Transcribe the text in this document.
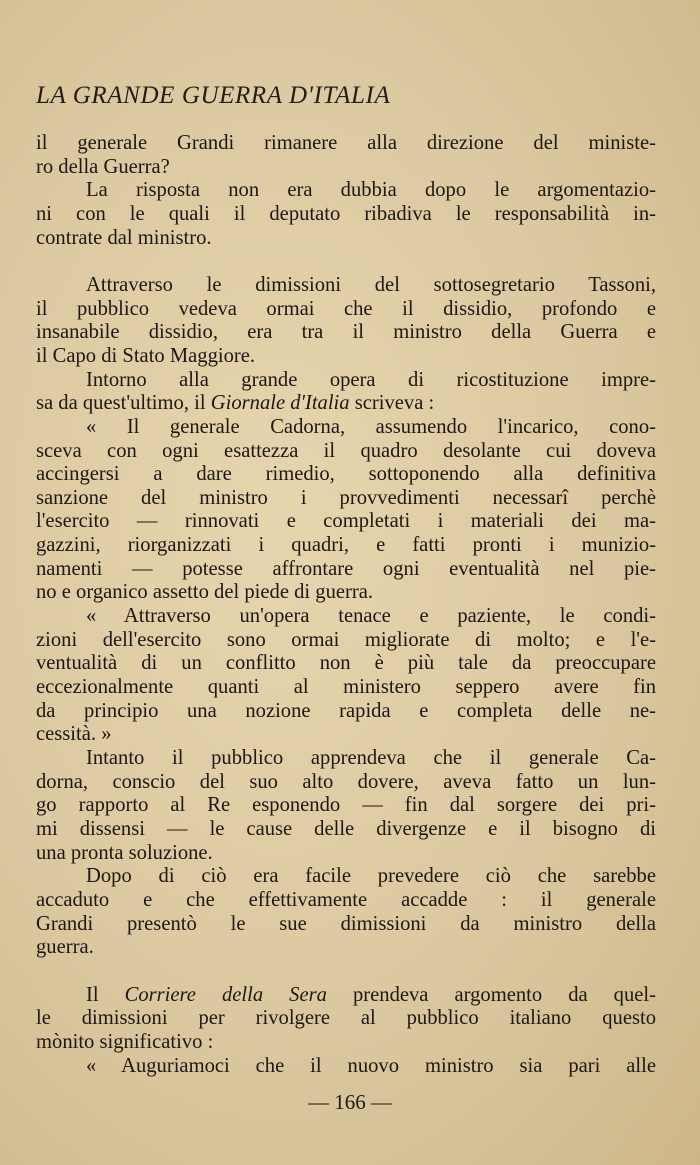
LA GRANDE GUERRA D'ITALIA
il generale Grandi rimanere alla direzione del ministe-
ro della Guerra?
La risposta non era dubbia dopo le argomentazio-
ni con le quali il deputato ribadiva le responsabilità in-
contrate dal ministro.
Attraverso le dimissioni del sottosegretario Tassoni,
il pubblico vedeva ormai che il dissidio, profondo e
insanabile dissidio, era tra il ministro della Guerra e
il Capo di Stato Maggiore.
Intorno alla grande opera di ricostituzione impre-
sa da quest'ultimo, il Giornale d'Italia scriveva :
« Il generale Cadorna, assumendo l'incarico, cono-
sceva con ogni esattezza il quadro desolante cui doveva
accingersi a dare rimedio, sottoponendo alla definitiva
sanzione del ministro i provvedimenti necessarî perchè
l'esercito — rinnovati e completati i materiali dei ma-
gazzini, riorganizzati i quadri, e fatti pronti i munizio-
namenti — potesse affrontare ogni eventualità nel pie-
no e organico assetto del piede di guerra.
« Attraverso un'opera tenace e paziente, le condi-
zioni dell'esercito sono ormai migliorate di molto; e l'e-
ventualità di un conflitto non è più tale da preoccupare
eccezionalmente quanti al ministero seppero avere fin
da principio una nozione rapida e completa delle ne-
cessità. »
Intanto il pubblico apprendeva che il generale Ca-
dorna, conscio del suo alto dovere, aveva fatto un lun-
go rapporto al Re esponendo — fin dal sorgere dei pri-
mi dissensi — le cause delle divergenze e il bisogno di
una pronta soluzione.
Dopo di ciò era facile prevedere ciò che sarebbe
accaduto e che effettivamente accadde : il generale
Grandi presentò le sue dimissioni da ministro della
guerra.
Il Corriere della Sera prendeva argomento da quel-
le dimissioni per rivolgere al pubblico italiano questo
mònito significativo :
« Auguriamoci che il nuovo ministro sia pari alle
— 166 —
